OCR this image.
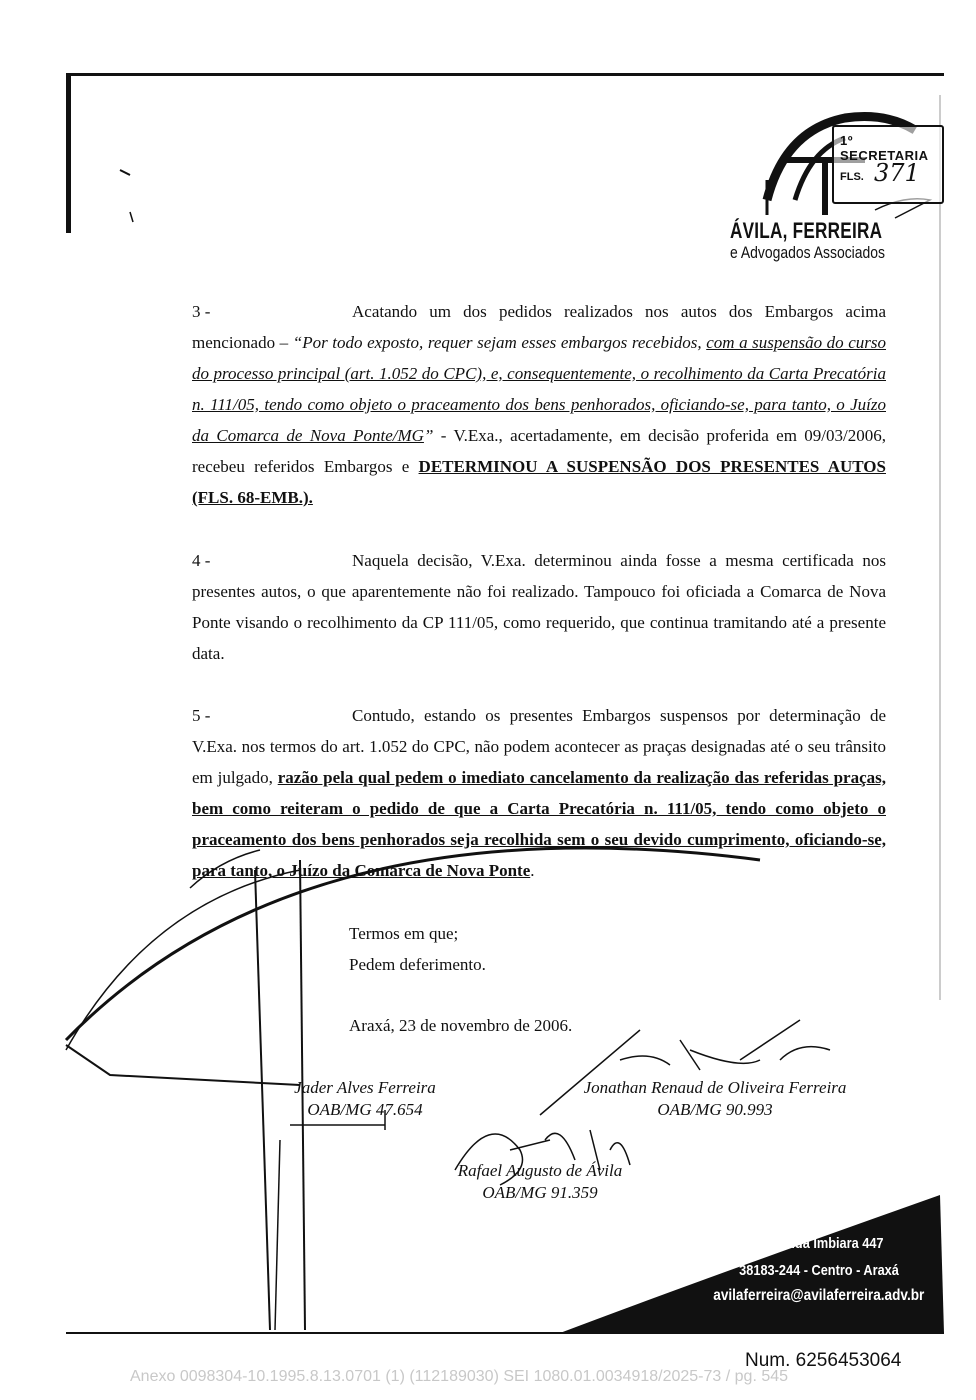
1º SECRETARIA
FLS. 371
ÁVILA, FERREIRA
e Advogados Associados
3 -	Acatando um dos pedidos realizados nos autos dos Embargos acima mencionado – “Por todo exposto, requer sejam esses embargos recebidos, com a suspensão do curso do processo principal (art. 1.052 do CPC), e, consequentemente, o recolhimento da Carta Precatória n. 111/05, tendo como objeto o praceamento dos bens penhorados, oficiando-se, para tanto, o Juízo da Comarca de Nova Ponte/MG” - V.Exa., acertadamente, em decisão proferida em 09/03/2006, recebeu referidos Embargos e DETERMINOU A SUSPENSÃO DOS PRESENTES AUTOS (FLS. 68-EMB.).
4 -	Naquela decisão, V.Exa. determinou ainda fosse a mesma certificada nos presentes autos, o que aparentemente não foi realizado. Tampouco foi oficiada a Comarca de Nova Ponte visando o recolhimento da CP 111/05, como requerido, que continua tramitando até a presente data.
5 -	Contudo, estando os presentes Embargos suspensos por determinação de V.Exa. nos termos do art. 1.052 do CPC, não podem acontecer as praças designadas até o seu trânsito em julgado, razão pela qual pedem o imediato cancelamento da realização das referidas praças, bem como reiteram o pedido de que a Carta Precatória n. 111/05, tendo como objeto o praceamento dos bens penhorados seja recolhida sem o seu devido cumprimento, oficiando-se, para tanto, o Juízo da Comarca de Nova Ponte.
Termos em que;
Pedem deferimento.
Araxá, 23 de novembro de 2006.
Jader Alves Ferreira
OAB/MG 47.654
Jonathan Renaud de Oliveira Ferreira
OAB/MG 90.993
Rafael Augusto de Ávila
OAB/MG 91.359
34 3661-2215
Avenida Imbiara 447
38183-244 - Centro - Araxá
avilaferreira@avilaferreira.adv.br
Num. 6256453064
Anexo 0098304-10.1995.8.13.0701 (1) (112189030) SEI 1080.01.0034918/2025-73 / pg. 545
